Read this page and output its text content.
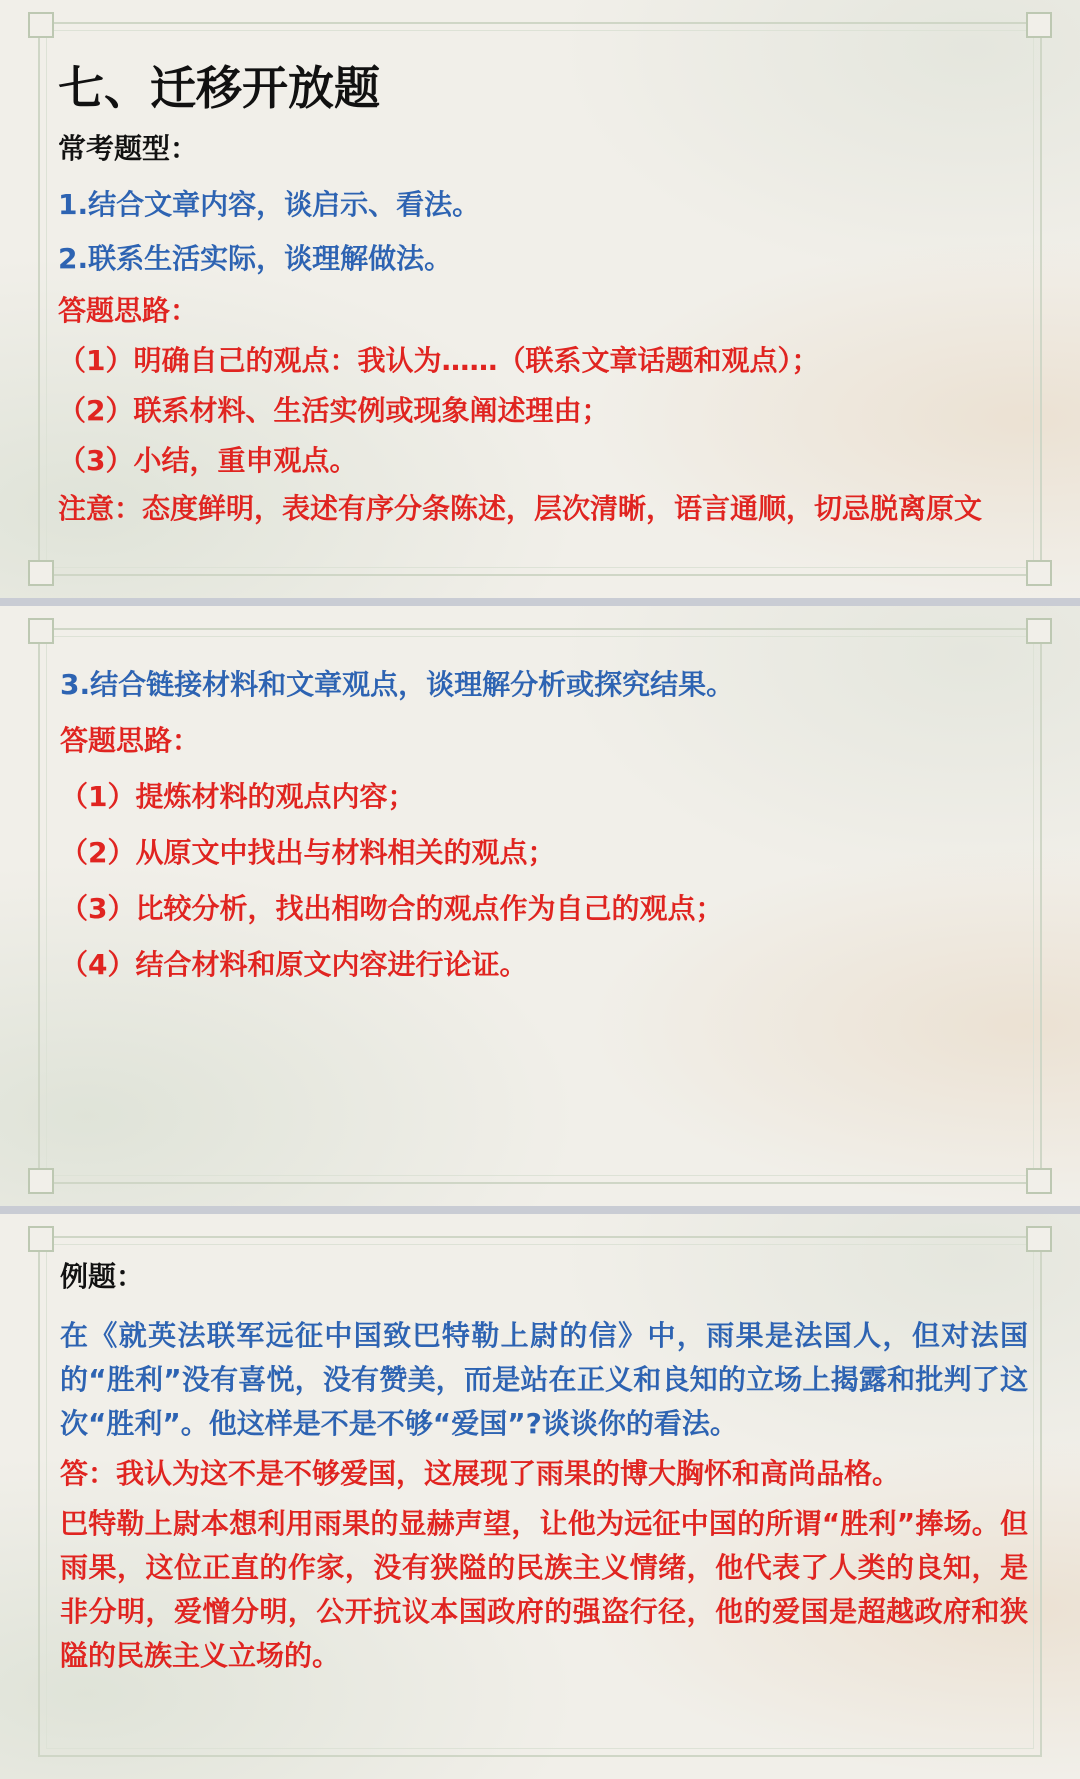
七、迁移开放题
常考题型：
1.结合文章内容，谈启示、看法。
2.联系生活实际，谈理解做法。
答题思路：
（1）明确自己的观点：我认为……（联系文章话题和观点）；
（2）联系材料、生活实例或现象阐述理由；
（3）小结，重申观点。
注意：态度鲜明，表述有序分条陈述，层次清晰，语言通顺，切忌脱离原文
3.结合链接材料和文章观点，谈理解分析或探究结果。
答题思路：
（1）提炼材料的观点内容；
（2）从原文中找出与材料相关的观点；
（3）比较分析，找出相吻合的观点作为自己的观点；
（4）结合材料和原文内容进行论证。
例题：

在《就英法联军远征中国致巴特勒上尉的信》中，雨果是法国人，但对法国的“胜利”没有喜悦，没有赞美，而是站在正义和良知的立场上揭露和批判了这次“胜利”。他这样是不是不够“爱国”?谈谈你的看法。

答：我认为这不是不够爱国，这展现了雨果的博大胸怀和高尚品格。

巴特勒上尉本想利用雨果的显赫声望，让他为远征中国的所谓“胜利”捧场。但雨果，这位正直的作家，没有狭隘的民族主义情绪，他代表了人类的良知，是非分明，爱憎分明，公开抗议本国政府的强盗行径，他的爱国是超越政府和狭隘的民族主义立场的。
